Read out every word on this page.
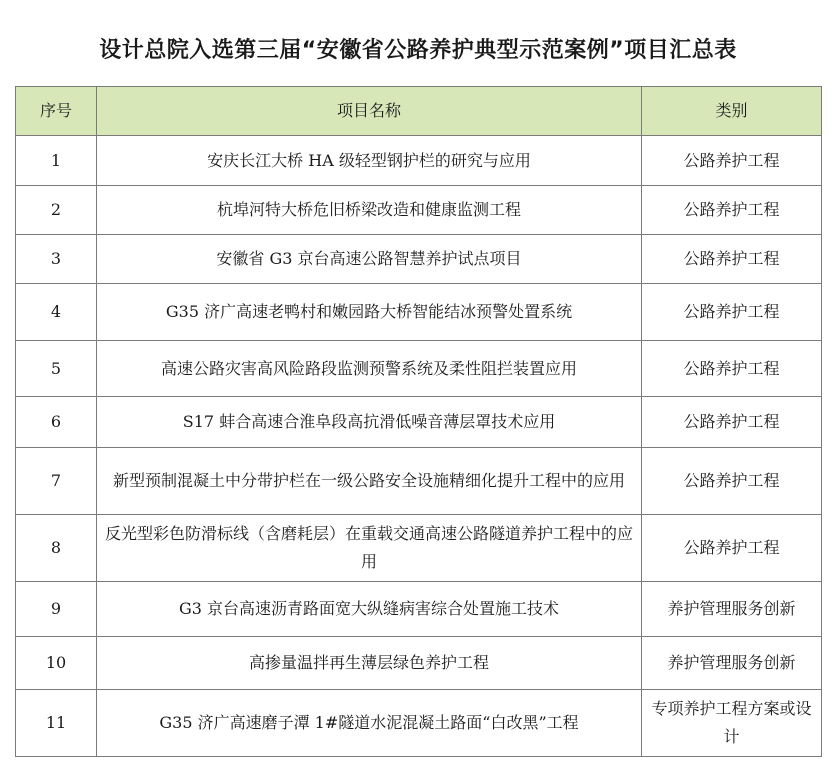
设计总院入选第三届“安徽省公路养护典型示范案例”项目汇总表
序号	项目名称	类别
1	安庆长江大桥 HA 级轻型钢护栏的研究与应用	公路养护工程
2	杭埠河特大桥危旧桥梁改造和健康监测工程	公路养护工程
3	安徽省 G3 京台高速公路智慧养护试点项目	公路养护工程
4	G35 济广高速老鸭村和嫩园路大桥智能结冰预警处置系统	公路养护工程
5	高速公路灾害高风险路段监测预警系统及柔性阻拦装置应用	公路养护工程
6	S17 蚌合高速合淮阜段高抗滑低噪音薄层罩技术应用	公路养护工程
7	新型预制混凝土中分带护栏在一级公路安全设施精细化提升工程中的应用	公路养护工程
8	反光型彩色防滑标线（含磨耗层）在重载交通高速公路隧道养护工程中的应用	公路养护工程
9	G3 京台高速沥青路面宽大纵缝病害综合处置施工技术	养护管理服务创新
10	高掺量温拌再生薄层绿色养护工程	养护管理服务创新
11	G35 济广高速磨子潭 1#隧道水泥混凝土路面“白改黑”工程	专项养护工程方案或设计
